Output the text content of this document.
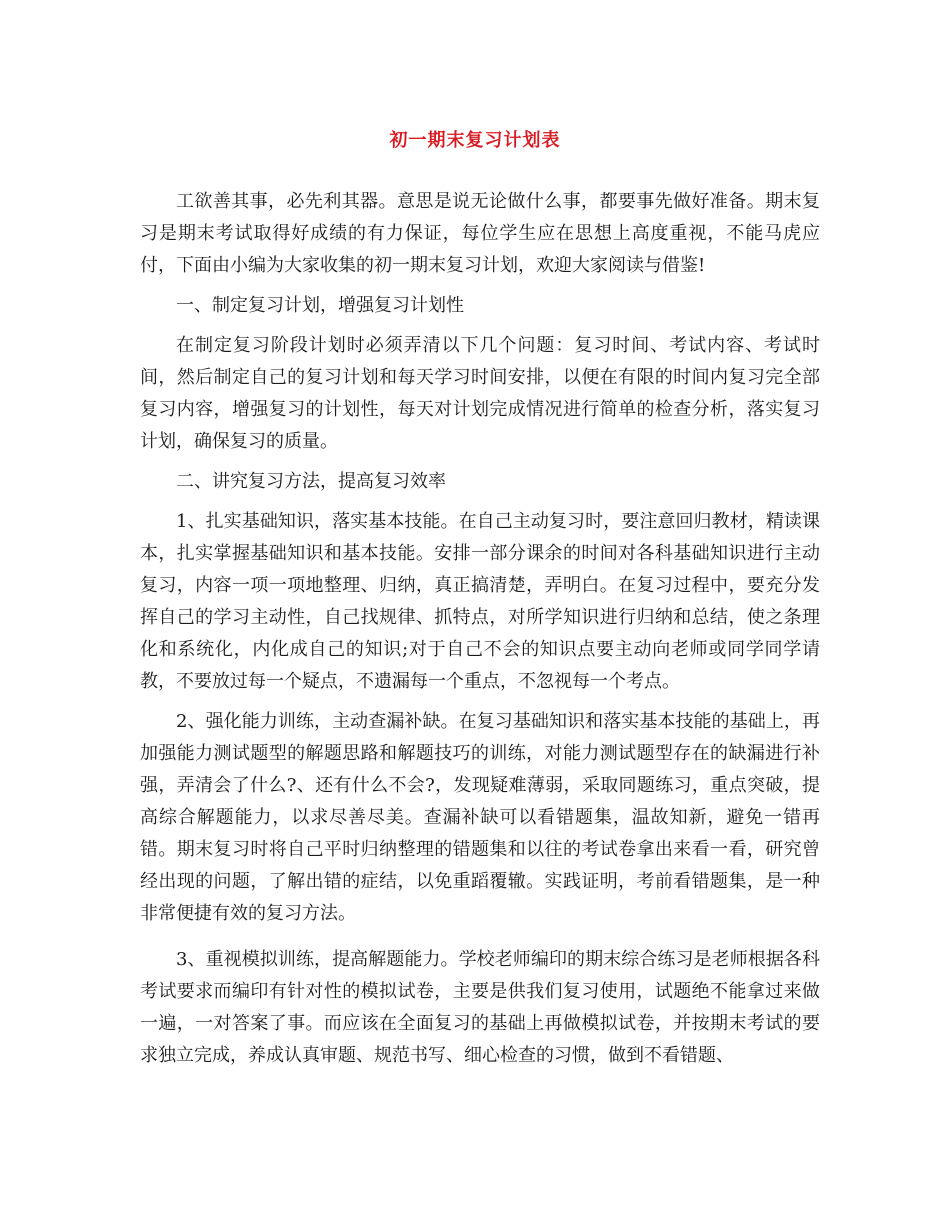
初一期末复习计划表

工欲善其事，必先利其器。意思是说无论做什么事，都要事先做好准备。期末复习是期末考试取得好成绩的有力保证，每位学生应在思想上高度重视，不能马虎应付，下面由小编为大家收集的初一期末复习计划，欢迎大家阅读与借鉴!

一、制定复习计划，增强复习计划性

在制定复习阶段计划时必须弄清以下几个问题：复习时间、考试内容、考试时间，然后制定自己的复习计划和每天学习时间安排，以便在有限的时间内复习完全部复习内容，增强复习的计划性，每天对计划完成情况进行简单的检查分析，落实复习计划，确保复习的质量。

二、讲究复习方法，提高复习效率

1、扎实基础知识，落实基本技能。在自己主动复习时，要注意回归教材，精读课本，扎实掌握基础知识和基本技能。安排一部分课余的时间对各科基础知识进行主动复习，内容一项一项地整理、归纳，真正搞清楚，弄明白。在复习过程中，要充分发挥自己的学习主动性，自己找规律、抓特点，对所学知识进行归纳和总结，使之条理化和系统化，内化成自己的知识;对于自己不会的知识点要主动向老师或同学同学请教，不要放过每一个疑点，不遗漏每一个重点，不忽视每一个考点。

2、强化能力训练，主动查漏补缺。在复习基础知识和落实基本技能的基础上，再加强能力测试题型的解题思路和解题技巧的训练，对能力测试题型存在的缺漏进行补强，弄清会了什么?、还有什么不会?，发现疑难薄弱，采取同题练习，重点突破，提高综合解题能力，以求尽善尽美。查漏补缺可以看错题集，温故知新，避免一错再错。期末复习时将自己平时归纳整理的错题集和以往的考试卷拿出来看一看，研究曾经出现的问题，了解出错的症结，以免重蹈覆辙。实践证明，考前看错题集，是一种非常便捷有效的复习方法。

3、重视模拟训练，提高解题能力。学校老师编印的期末综合练习是老师根据各科考试要求而编印有针对性的模拟试卷，主要是供我们复习使用，试题绝不能拿过来做一遍，一对答案了事。而应该在全面复习的基础上再做模拟试卷，并按期末考试的要求独立完成，养成认真审题、规范书写、细心检查的习惯，做到不看错题、
